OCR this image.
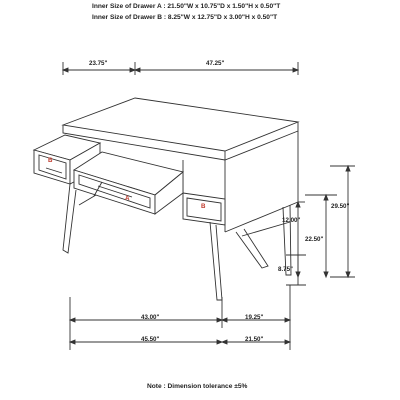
Inner Size of Drawer A : 21.50"W x 10.75"D x 1.50"H x 0.50"T
Inner Size of Drawer B : 8.25"W x 12.75"D x 3.00"H x 0.50"T
B
A
B
23.75"	47.25"
29.50"
12.00"
22.50"
8.75"
43.00"	19.25"
45.50"	21.50"
Note : Dimension tolerance ±5%
